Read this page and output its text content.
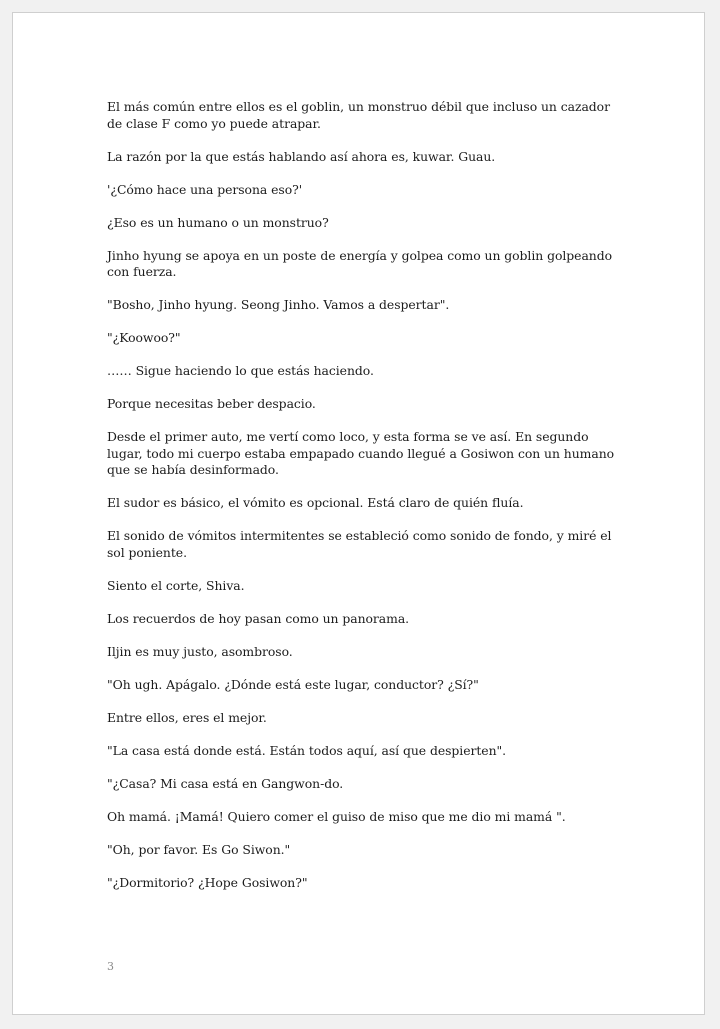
El más común entre ellos es el goblin, un monstruo débil que incluso un cazador de clase F como yo puede atrapar.

La razón por la que estás hablando así ahora es, kuwar. Guau.

'¿Cómo hace una persona eso?'

¿Eso es un humano o un monstruo?

Jinho hyung se apoya en un poste de energía y golpea como un goblin golpeando con fuerza.

"Bosho, Jinho hyung. Seong Jinho. Vamos a despertar".

"¿Koowoo?"

…… Sigue haciendo lo que estás haciendo.

Porque necesitas beber despacio.

Desde el primer auto, me vertí como loco, y esta forma se ve así. En segundo lugar, todo mi cuerpo estaba empapado cuando llegué a Gosiwon con un humano que se había desinformado.

El sudor es básico, el vómito es opcional. Está claro de quién fluía.

El sonido de vómitos intermitentes se estableció como sonido de fondo, y miré el sol poniente.

Siento el corte, Shiva.

Los recuerdos de hoy pasan como un panorama.

Iljin es muy justo, asombroso.

"Oh ugh. Apágalo. ¿Dónde está este lugar, conductor? ¿Sí?"

Entre ellos, eres el mejor.

"La casa está donde está. Están todos aquí, así que despierten".

"¿Casa? Mi casa está en Gangwon-do.

Oh mamá. ¡Mamá! Quiero comer el guiso de miso que me dio mi mamá ".

"Oh, por favor. Es Go Siwon."

"¿Dormitorio? ¿Hope Gosiwon?"

3
